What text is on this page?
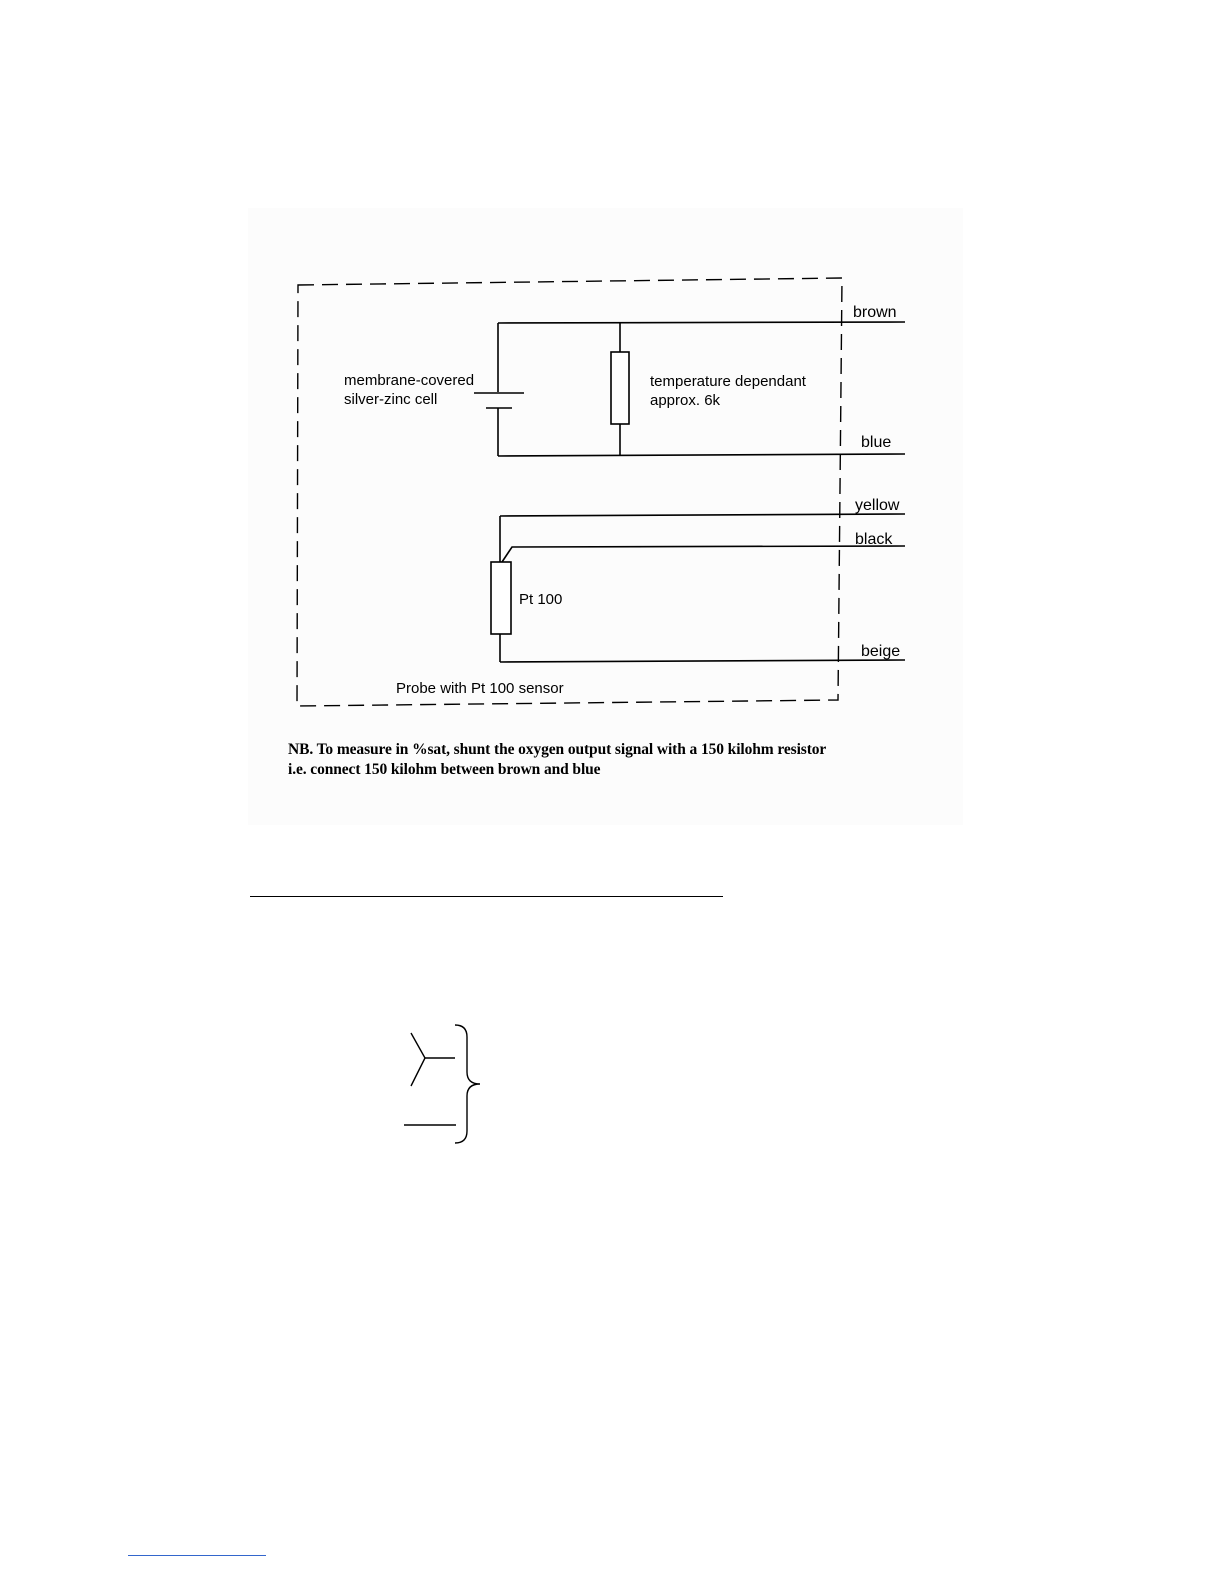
membrane-covered
silver-zinc cell
temperature dependant
approx. 6k
Pt 100
Probe with Pt 100 sensor
brown
blue
yellow
black
beige
NB. To measure in %sat, shunt the oxygen output signal with a 150 kilohm resistor
i.e. connect 150 kilohm between brown and blue
